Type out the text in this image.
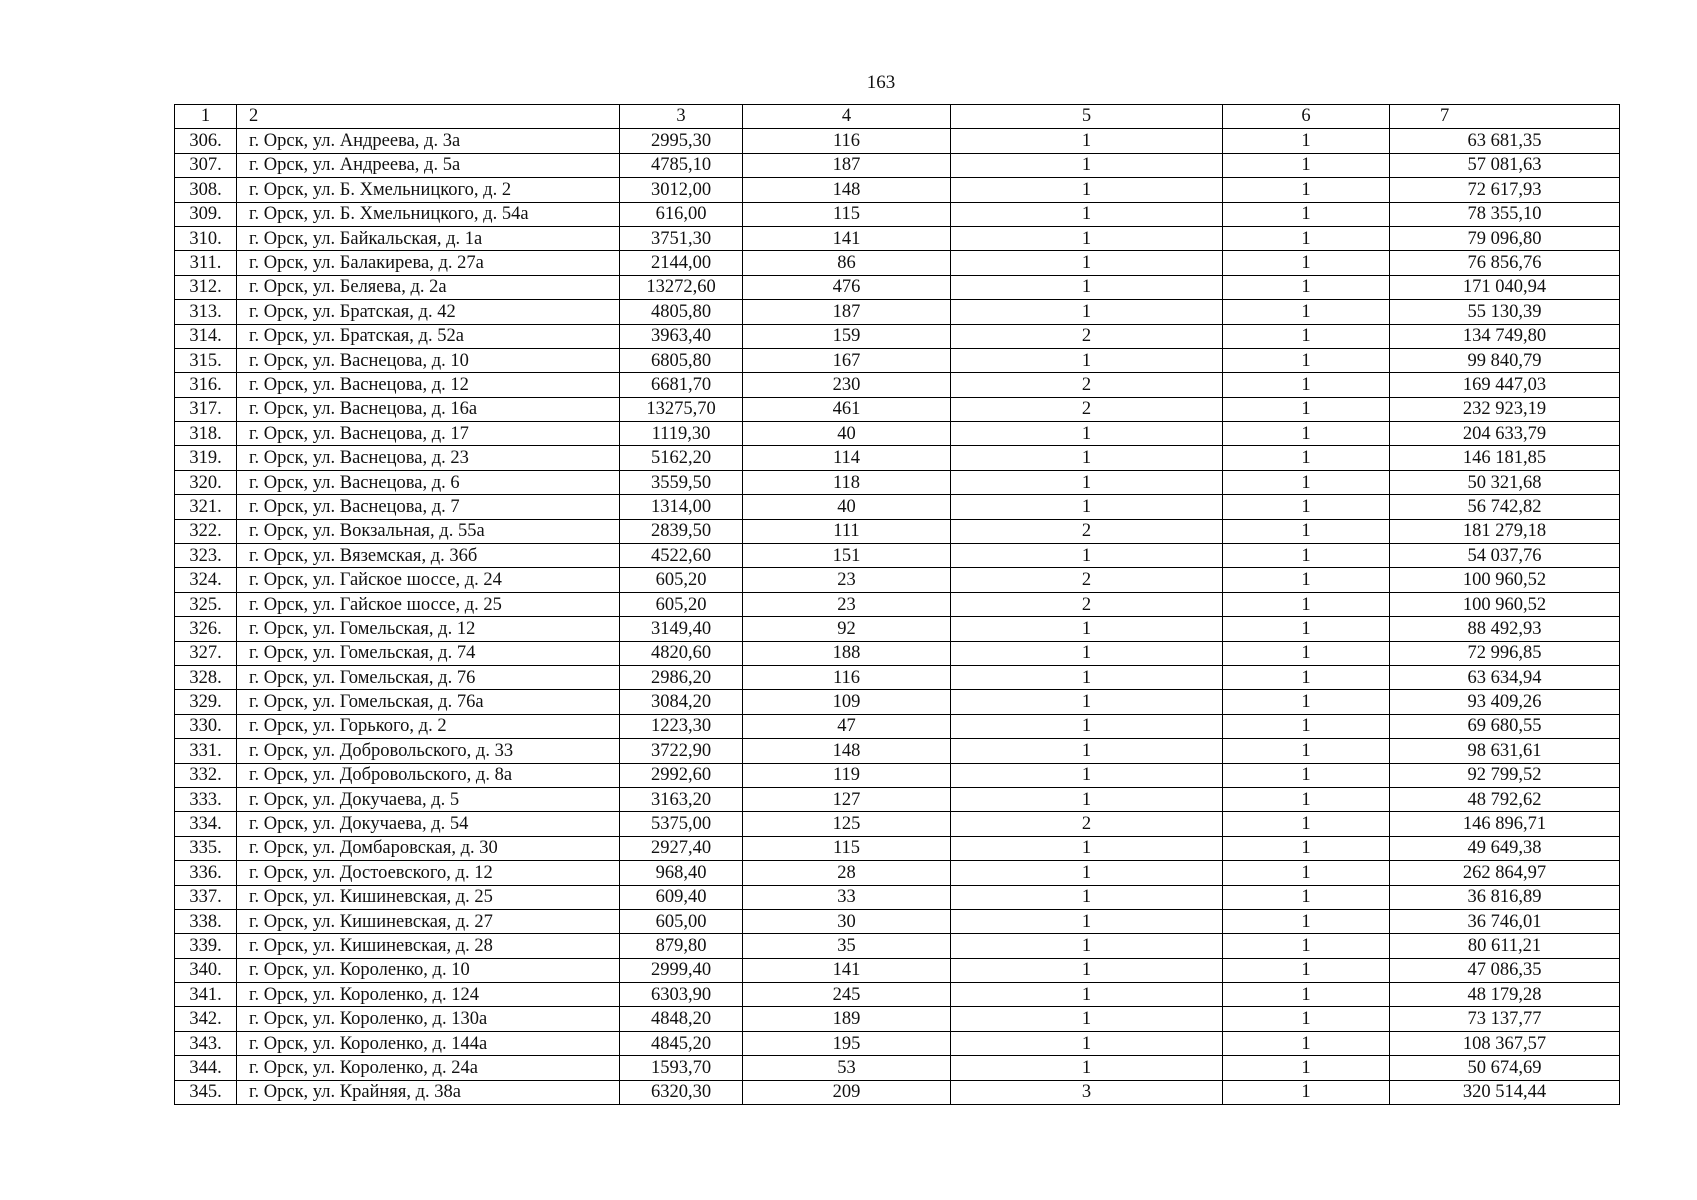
163
1	2	3	4	5	6	7
306.	г. Орск, ул. Андреева, д. 3а	2995,30	116	1	1	63 681,35
307.	г. Орск, ул. Андреева, д. 5а	4785,10	187	1	1	57 081,63
308.	г. Орск, ул. Б. Хмельницкого, д. 2	3012,00	148	1	1	72 617,93
309.	г. Орск, ул. Б. Хмельницкого, д. 54а	616,00	115	1	1	78 355,10
310.	г. Орск, ул. Байкальская, д. 1а	3751,30	141	1	1	79 096,80
311.	г. Орск, ул. Балакирева, д. 27а	2144,00	86	1	1	76 856,76
312.	г. Орск, ул. Беляева, д. 2а	13272,60	476	1	1	171 040,94
313.	г. Орск, ул. Братская, д. 42	4805,80	187	1	1	55 130,39
314.	г. Орск, ул. Братская, д. 52а	3963,40	159	2	1	134 749,80
315.	г. Орск, ул. Васнецова, д. 10	6805,80	167	1	1	99 840,79
316.	г. Орск, ул. Васнецова, д. 12	6681,70	230	2	1	169 447,03
317.	г. Орск, ул. Васнецова, д. 16а	13275,70	461	2	1	232 923,19
318.	г. Орск, ул. Васнецова, д. 17	1119,30	40	1	1	204 633,79
319.	г. Орск, ул. Васнецова, д. 23	5162,20	114	1	1	146 181,85
320.	г. Орск, ул. Васнецова, д. 6	3559,50	118	1	1	50 321,68
321.	г. Орск, ул. Васнецова, д. 7	1314,00	40	1	1	56 742,82
322.	г. Орск, ул. Вокзальная, д. 55а	2839,50	111	2	1	181 279,18
323.	г. Орск, ул. Вяземская, д. 36б	4522,60	151	1	1	54 037,76
324.	г. Орск, ул. Гайское шоссе, д. 24	605,20	23	2	1	100 960,52
325.	г. Орск, ул. Гайское шоссе, д. 25	605,20	23	2	1	100 960,52
326.	г. Орск, ул. Гомельская, д. 12	3149,40	92	1	1	88 492,93
327.	г. Орск, ул. Гомельская, д. 74	4820,60	188	1	1	72 996,85
328.	г. Орск, ул. Гомельская, д. 76	2986,20	116	1	1	63 634,94
329.	г. Орск, ул. Гомельская, д. 76а	3084,20	109	1	1	93 409,26
330.	г. Орск, ул. Горького, д. 2	1223,30	47	1	1	69 680,55
331.	г. Орск, ул. Добровольского, д. 33	3722,90	148	1	1	98 631,61
332.	г. Орск, ул. Добровольского, д. 8а	2992,60	119	1	1	92 799,52
333.	г. Орск, ул. Докучаева, д. 5	3163,20	127	1	1	48 792,62
334.	г. Орск, ул. Докучаева, д. 54	5375,00	125	2	1	146 896,71
335.	г. Орск, ул. Домбаровская, д. 30	2927,40	115	1	1	49 649,38
336.	г. Орск, ул. Достоевского, д. 12	968,40	28	1	1	262 864,97
337.	г. Орск, ул. Кишиневская, д. 25	609,40	33	1	1	36 816,89
338.	г. Орск, ул. Кишиневская, д. 27	605,00	30	1	1	36 746,01
339.	г. Орск, ул. Кишиневская, д. 28	879,80	35	1	1	80 611,21
340.	г. Орск, ул. Короленко, д. 10	2999,40	141	1	1	47 086,35
341.	г. Орск, ул. Короленко, д. 124	6303,90	245	1	1	48 179,28
342.	г. Орск, ул. Короленко, д. 130а	4848,20	189	1	1	73 137,77
343.	г. Орск, ул. Короленко, д. 144а	4845,20	195	1	1	108 367,57
344.	г. Орск, ул. Короленко, д. 24а	1593,70	53	1	1	50 674,69
345.	г. Орск, ул. Крайняя, д. 38а	6320,30	209	3	1	320 514,44
